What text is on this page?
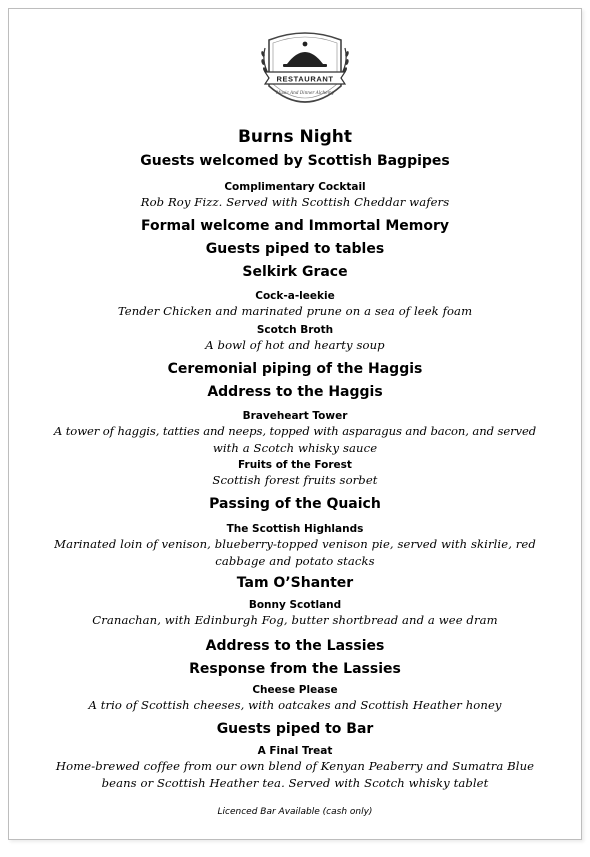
RESTAURANT
Music And Dinner Alchemy
Burns Night
Guests welcomed by Scottish Bagpipes
Complimentary Cocktail
Rob Roy Fizz. Served with Scottish Cheddar wafers
Formal welcome and Immortal Memory
Guests piped to tables
Selkirk Grace
Cock-a-leekie
Tender Chicken and marinated prune on a sea of leek foam
Scotch Broth
A bowl of hot and hearty soup
Ceremonial piping of the Haggis
Address to the Haggis
Braveheart Tower
A tower of haggis, tatties and neeps, topped with asparagus and bacon, and served
with a Scotch whisky sauce
Fruits of the Forest
Scottish forest fruits sorbet
Passing of the Quaich
The Scottish Highlands
Marinated loin of venison, blueberry-topped venison pie, served with skirlie, red
cabbage and potato stacks
Tam O’Shanter
Bonny Scotland
Cranachan, with Edinburgh Fog, butter shortbread and a wee dram
Address to the Lassies
Response from the Lassies
Cheese Please
A trio of Scottish cheeses, with oatcakes and Scottish Heather honey
Guests piped to Bar
A Final Treat
Home-brewed coffee from our own blend of Kenyan Peaberry and Sumatra Blue
beans or Scottish Heather tea. Served with Scotch whisky tablet
Licenced Bar Available (cash only)
